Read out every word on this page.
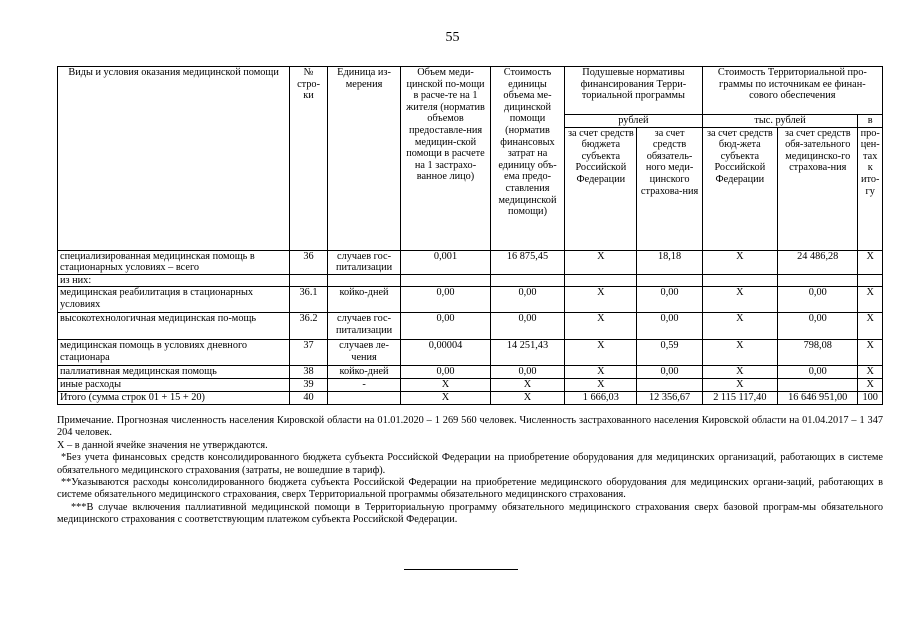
55
Виды и условия оказания медицинской помощи	№ стро-ки	Единица из-мерения	Объем меди-цинской по-мощи в расче-те на 1 жителя (норматив объемов предоставле-ния медицин-ской помощи в расчете на 1 застрахо-ванное лицо)	Стоимость единицы объема ме-дицинской помощи (норматив финансовых затрат на единицу объ-ема предо-ставления медицинской помощи)	Подушевые нормативы финансирования Терри-ториальной программы		Стоимость Территориальной про-граммы по источникам ее финан-сового обеспечения		
					рублей		тыс. рублей		в
					за счет средств бюджета субъекта Российской Федерации	за счет средств обязатель-ного меди-цинского страхова-ния	за счет средств бюд-жета субъекта Российской Федерации	за счет средств обя-зательного медицинско-го страхова-ния	про-цен-тах к ито-гу
специализированная медицинская помощь в стационарных условиях – всего	36	случаев гос-питализации	0,001	16 875,45	X	18,18	X	24 486,28	X
из них:									
медицинская реабилитация в стационарных условиях	36.1	койко-дней	0,00	0,00	X	0,00	X	0,00	X
высокотехнологичная медицинская по-мощь	36.2	случаев гос-питализации	0,00	0,00	X	0,00	X	0,00	X
медицинская помощь в условиях дневного стационара	37	случаев ле-чения	0,00004	14 251,43	X	0,59	X	798,08	X
паллиативная медицинская помощь	38	койко-дней	0,00	0,00	X	0,00	X	0,00	X
иные расходы	39	-	X	X	X		X		X
Итого (сумма строк 01 + 15 + 20)	40		X	X	1 666,03	12 356,67	2 115 117,40	16 646 951,00	100

Примечание. Прогнозная численность населения Кировской области на 01.01.2020 – 1 269 560 человек. Численность застрахованного населения Кировской области на 01.04.2017 – 1 347 204 человек.

X – в данной ячейке значения не утверждаются.

*Без учета финансовых средств консолидированного бюджета субъекта Российской Федерации на приобретение оборудования для медицинских организаций, работающих в системе обязательного медицинского страхования (затраты, не вошедшие в тариф).

**Указываются расходы консолидированного бюджета субъекта Российской Федерации на приобретение медицинского оборудования для медицинских органи-заций, работающих в системе обязательного медицинского страхования, сверх Территориальной программы обязательного медицинского страхования.

***В случае включения паллиативной медицинской помощи в Территориальную программу обязательного медицинского страхования сверх базовой програм-мы обязательного медицинского страхования с соответствующим платежом субъекта Российской Федерации.
